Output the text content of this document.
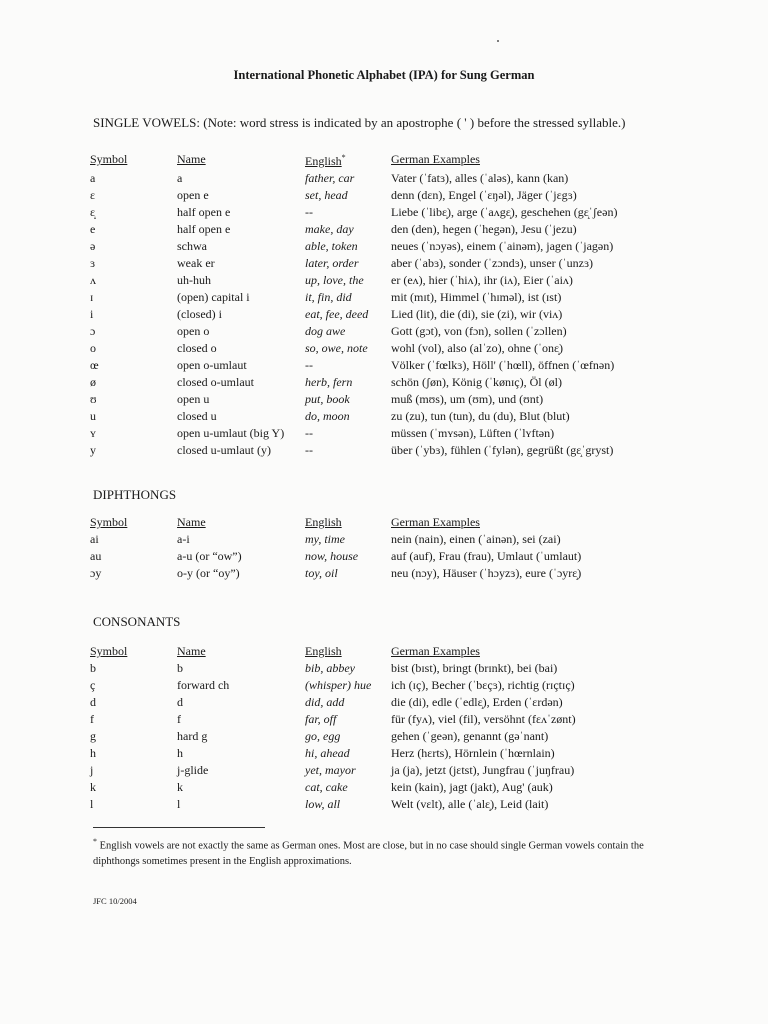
International Phonetic Alphabet (IPA) for Sung German
SINGLE VOWELS: (Note: word stress is indicated by an apostrophe ( ' ) before the stressed syllable.)
Symbol	Name	English*	German Examples
a	a	father, car	Vater (ˈfatɜ), alles (ˈaləs), kann (kan)
ɛ	open e	set, head	denn (dɛn), Engel (ˈɛŋəl), Jäger (ˈjɛgɜ)
ɛ̝	half open e	--	Liebe (ˈlibɛ̝), arge (ˈaʌgɛ̝), geschehen (gɛ̝ˈʃeən)
e	half open e	make, day	den (den), hegen (ˈhegən), Jesu (ˈjezu)
ə	schwa	able, token	neues (ˈnɔyəs), einem (ˈainəm), jagen (ˈjagən)
ɜ	weak er	later, order	aber (ˈabɜ), sonder (ˈzɔndɜ), unser (ˈunzɜ)
ʌ	uh-huh	up, love, the	er (eʌ), hier (ˈhiʌ), ihr (iʌ), Eier (ˈaiʌ)
ɪ	(open) capital i	it, fin, did	mit (mɪt), Himmel (ˈhɪməl), ist (ɪst)
i	(closed) i	eat, fee, deed	Lied (lit), die (di), sie (zi), wir (viʌ)
ɔ	open o	dog awe	Gott (gɔt), von (fɔn), sollen (ˈzɔllen)
o	closed o	so, owe, note	wohl (vol), also (alˈzo), ohne (ˈonɛ̝)
œ	open o-umlaut	--	Völker (ˈfœlkɜ), Höll' (ˈhœll), öffnen (ˈœfnən)
ø	closed o-umlaut	herb, fern	schön (ʃøn), König (ˈkønɪç), Öl (øl)
ʊ	open u	put, book	muß (mʊs), um (ʊm), und (ʊnt)
u	closed u	do, moon	zu (zu), tun (tun), du (du), Blut (blut)
ʏ	open u-umlaut (big Y)	--	müssen (ˈmʏsən), Lüften (ˈlʏftən)
y	closed u-umlaut (y)	--	über (ˈybɜ), fühlen (ˈfylən), gegrüßt (gɛ̝ˈgryst)
DIPHTHONGS
Symbol	Name	English	German Examples
ai	a-i	my, time	nein (nain), einen (ˈainən), sei (zai)
au	a-u (or “ow”)	now, house	auf (auf), Frau (frau), Umlaut (ˈumlaut)
ɔy	o-y (or “oy”)	toy, oil	neu (nɔy), Häuser (ˈhɔyzɜ), eure (ˈɔyrɛ̝)
CONSONANTS
Symbol	Name	English	German Examples
b	b	bib, abbey	bist (bɪst), bringt (brɪnkt), bei (bai)
ç	forward ch	(whisper) hue	ich (ɪç), Becher (ˈbɛçɜ), richtig (rɪçtɪç)
d	d	did, add	die (di), edle (ˈedlɛ̝), Erden (ˈɛrdən)
f	f	far, off	für (fyʌ), viel (fil), versöhnt (fɛʌˈzønt)
g	hard g	go, egg	gehen (ˈgeən), genannt (gəˈnant)
h	h	hi, ahead	Herz (hɛrts), Hörnlein (ˈhœrnlain)
j	j-glide	yet, mayor	ja (ja), jetzt (jɛtst), Jungfrau (ˈjuŋfrau)
k	k	cat, cake	kein (kain), jagt (jakt), Aug' (auk)
l	l	low, all	Welt (vɛlt), alle (ˈalɛ̝), Leid (lait)
* English vowels are not exactly the same as German ones. Most are close, but in no case should single German vowels contain the diphthongs sometimes present in the English approximations.
JFC 10/2004
